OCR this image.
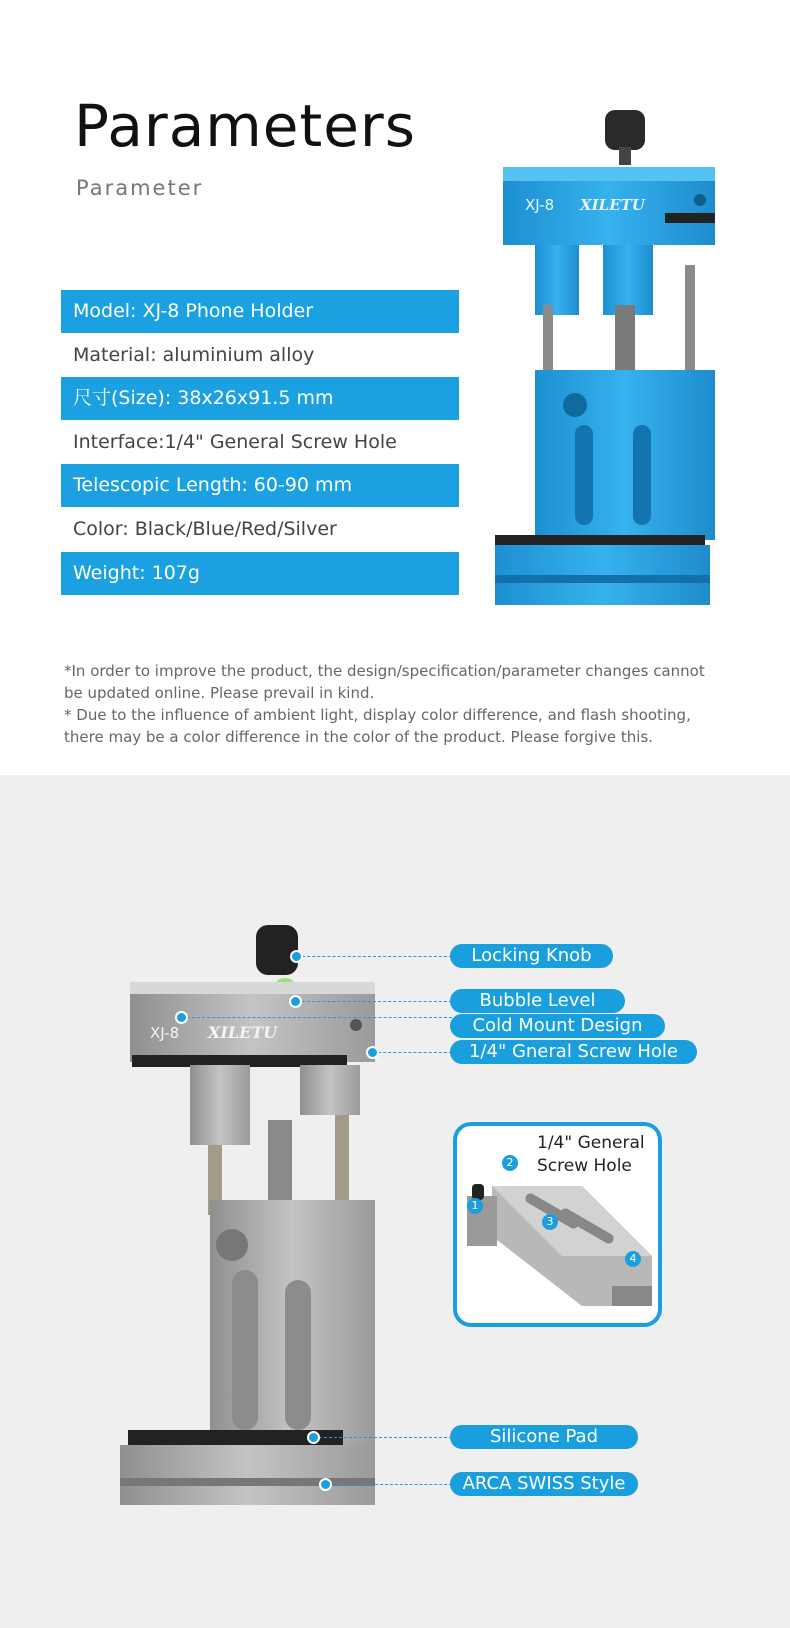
Parameters
Parameter
Model: XJ-8 Phone Holder
Material: aluminium alloy
尺寸(Size): 38x26x91.5 mm
Interface:1/4" General Screw Hole
Telescopic Length: 60-90 mm
Color: Black/Blue/Red/Silver
Weight: 107g
XJ-8 XILETU

*In order to improve the product, the design/specification/parameter changes cannot be updated online. Please prevail in kind.

* Due to the influence of ambient light, display color difference, and flash shooting, there may be a color difference in the color of the product. Please forgive this.

XJ-8 XILETU
Locking Knob
Bubble Level
Cold Mount Design
1/4" Gneral Screw Hole
Silicone Pad
ARCA SWISS Style
1/4" General
Screw Hole
2
1
3
4
